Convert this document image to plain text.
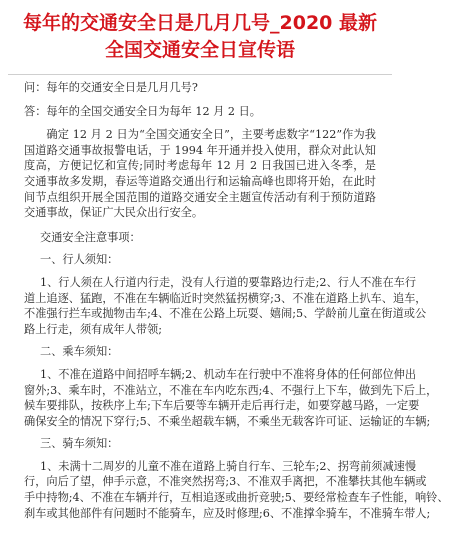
每年的交通安全日是几月几号_2020 最新
全国交通安全日宣传语

问：每年的交通安全日是几月几号?

答：每年的全国交通安全日为每年 12 月 2 日。

确定 12 月 2 日为“全国交通安全日”，主要考虑数字“122”作为我国道路交通事故报警电话，于 1994 年开通并投入使用，群众对此认知度高，方便记忆和宣传;同时考虑每年 12 月 2 日我国已进入冬季，是交通事故多发期，春运等道路交通出行和运输高峰也即将开始，在此时间节点组织开展全国范围的道路交通安全主题宣传活动有利于预防道路交通事故，保证广大民众出行安全。

交通安全注意事项：

一、行人须知：

1、行人须在人行道内行走，没有人行道的要靠路边行走;2、行人不准在车行

道上追逐、猛跑，不准在车辆临近时突然猛拐横穿;3、不准在道路上扒车、追车，

不准强行拦车或抛物击车;4、不准在公路上玩耍、嬉闹;5、学龄前儿童在街道或公

路上行走，须有成年人带领;

二、乘车须知：

1、不准在道路中间招呼车辆;2、机动车在行驶中不准将身体的任何部位伸出

窗外;3、乘车时，不准站立，不准在车内吃东西;4、不强行上下车，做到先下后上，

候车要排队，按秩序上车;下车后要等车辆开走后再行走，如要穿越马路，一定要

确保安全的情况下穿行;5、不乘坐超载车辆，不乘坐无载客许可证、运输证的车辆;

三、骑车须知：

1、未满十二周岁的儿童不准在道路上骑自行车、三轮车;2、拐弯前须减速慢

行，向后了望，伸手示意，不准突然拐弯;3、不准双手离把，不准攀扶其他车辆或

手中持物;4、不准在车辆并行，互相追逐或曲折竞驶;5、要经常检查车子性能，响铃、

刹车或其他部件有问题时不能骑车，应及时修理;6、不准撑伞骑车，不准骑车带人;
